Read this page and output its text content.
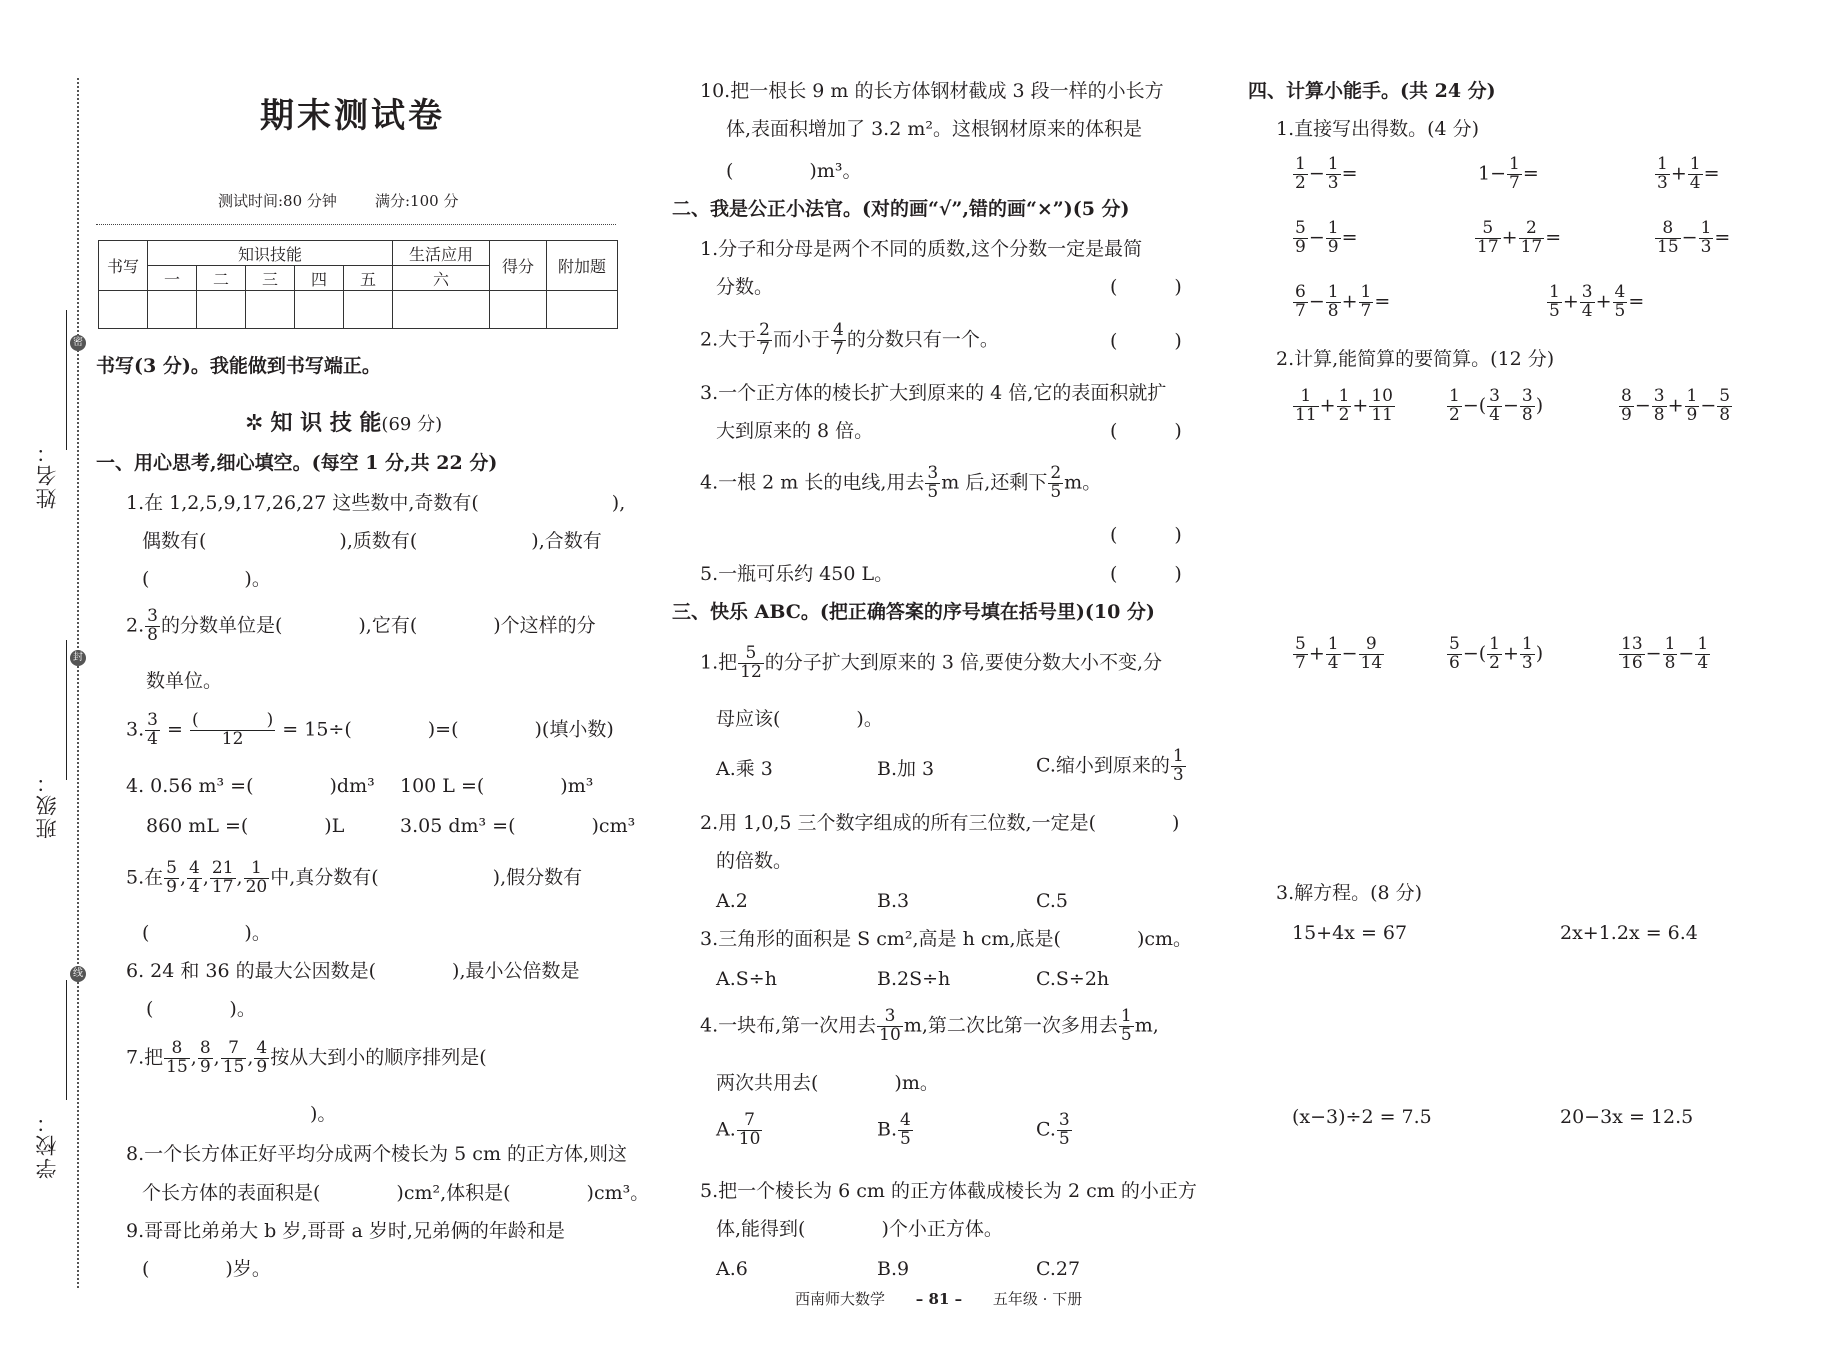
姓名：
班级：
学校：
密
封
线
期末测试卷
测试时间:80 分钟	满分:100 分
书写	知识技能					生活应用	得分	附加题
	一	二	三	四	五	六		

书写(3 分)。我能做到书写端正。
✲ 知 识 技 能(69 分)
一、用心思考,细心填空。(每空 1 分,共 22 分)
1.在 1,2,5,9,17,26,27 这些数中,奇数有(　　　　　　　),
偶数有(　　　　　　　),质数有(　　　　　　),合数有
(　　　　　)。
2. $\frac{3}{8}$ 的分数单位是(　　　　),它有(　　　　)个这样的分
数单位。
3. $\frac{3}{4} = \frac{( )}{12} = 15\div$(　　　　)=(　　　　)(填小数)
4. 0.56 m³ =(　　　　)dm³ 100 L =(　　　　)m³
860 mL =(　　　　)L	3.05 dm³ =(　　　　)cm³
5.在 $\frac{5}{9}$ , $\frac{4}{4}$ , $\frac{21}{17}$ , $\frac{1}{20}$ 中,真分数有(　　　　　　),假分数有
(　　　　　)。
6. 24 和 36 的最大公因数是(　　　　),最小公倍数是
(　　　　)。
7.把 $\frac{8}{15}$ , $\frac{8}{9}$ , $\frac{7}{15}$ , $\frac{4}{9}$ 按从大到小的顺序排列是(
)。
8.一个长方体正好平均分成两个棱长为 5 cm 的正方体,则这
个长方体的表面积是(　　　　)cm²,体积是(　　　　)cm³。
9.哥哥比弟弟大 b 岁,哥哥 a 岁时,兄弟俩的年龄和是
(　　　　)岁。
10.把一根长 9 m 的长方体钢材截成 3 段一样的小长方
体,表面积增加了 3.2 m²。这根钢材原来的体积是
(　　　　)m³。
二、我是公正小法官。(对的画“√”,错的画“×”)(5 分)
1.分子和分母是两个不同的质数,这个分数一定是最简
分数。	(　　　)
2.大于 $\frac{2}{7}$ 而小于 $\frac{4}{7}$ 的分数只有一个。	(　　　)
3.一个正方体的棱长扩大到原来的 4 倍,它的表面积就扩
大到原来的 8 倍。	(　　　)
4.一根 2 m 长的电线,用去 $\frac{3}{5}$ m 后,还剩下 $\frac{2}{5}$ m。
(　　　)
5.一瓶可乐约 450 L。	(　　　)
三、快乐 ABC。(把正确答案的序号填在括号里)(10 分)
1.把 $\frac{5}{12}$ 的分子扩大到原来的 3 倍,要使分数大小不变,分
母应该(　　　　)。
A.乘 3	B.加 3	C.缩小到原来的 $\frac{1}{3}$
2.用 1,0,5 三个数字组成的所有三位数,一定是(　　　　)
的倍数。
A.2	B.3	C.5
3.三角形的面积是 S cm²,高是 h cm,底是(　　　　)cm。
A.S÷h	B.2S÷h	C.S÷2h
4.一块布,第一次用去 $\frac{3}{10} m$,第二次比第一次多用去 $\frac{1}{5} m$,
两次共用去(　　　　)m。
A. $\frac{7}{10}$	B. $\frac{4}{5}$	C. $\frac{3}{5}$
5.把一个棱长为 6 cm 的正方体截成棱长为 2 cm 的小正方
体,能得到(　　　　)个小正方体。
A.6	B.9	C.27
四、计算小能手。(共 24 分)
1.直接写出得数。(4 分)
$\frac{1}{2} - \frac{1}{3}$ =	$1- \frac{1}{7}$ =	$\frac{1}{3} + \frac{1}{4}$ =
$\frac{5}{9} - \frac{1}{9}$ =	$\frac{5}{17} + \frac{2}{17}$ =	$\frac{8}{15} - \frac{1}{3}$ =
$\frac{6}{7} - \frac{1}{8} + \frac{1}{7}$ =	$\frac{1}{5} + \frac{3}{4} + \frac{4}{5}$ =
2.计算,能简算的要简算。(12 分)
$\frac{1}{11} + \frac{1}{2} + \frac{10}{11}$	$\frac{1}{2}$ −( $\frac{3}{4} - \frac{3}{8}$ )	$\frac{8}{9} - \frac{3}{8} + \frac{1}{9} - \frac{5}{8}$
$\frac{5}{7} + \frac{1}{4} - \frac{9}{14}$	$\frac{5}{6}$ −( $\frac{1}{2} + \frac{1}{3}$ )	$\frac{13}{16} - \frac{1}{8} - \frac{1}{4}$
3.解方程。(8 分)
15+4x = 67	2x+1.2x = 6.4
(x−3)÷2 = 7.5	20−3x = 12.5
西南师大数学 – 81 – 五年级 · 下册
